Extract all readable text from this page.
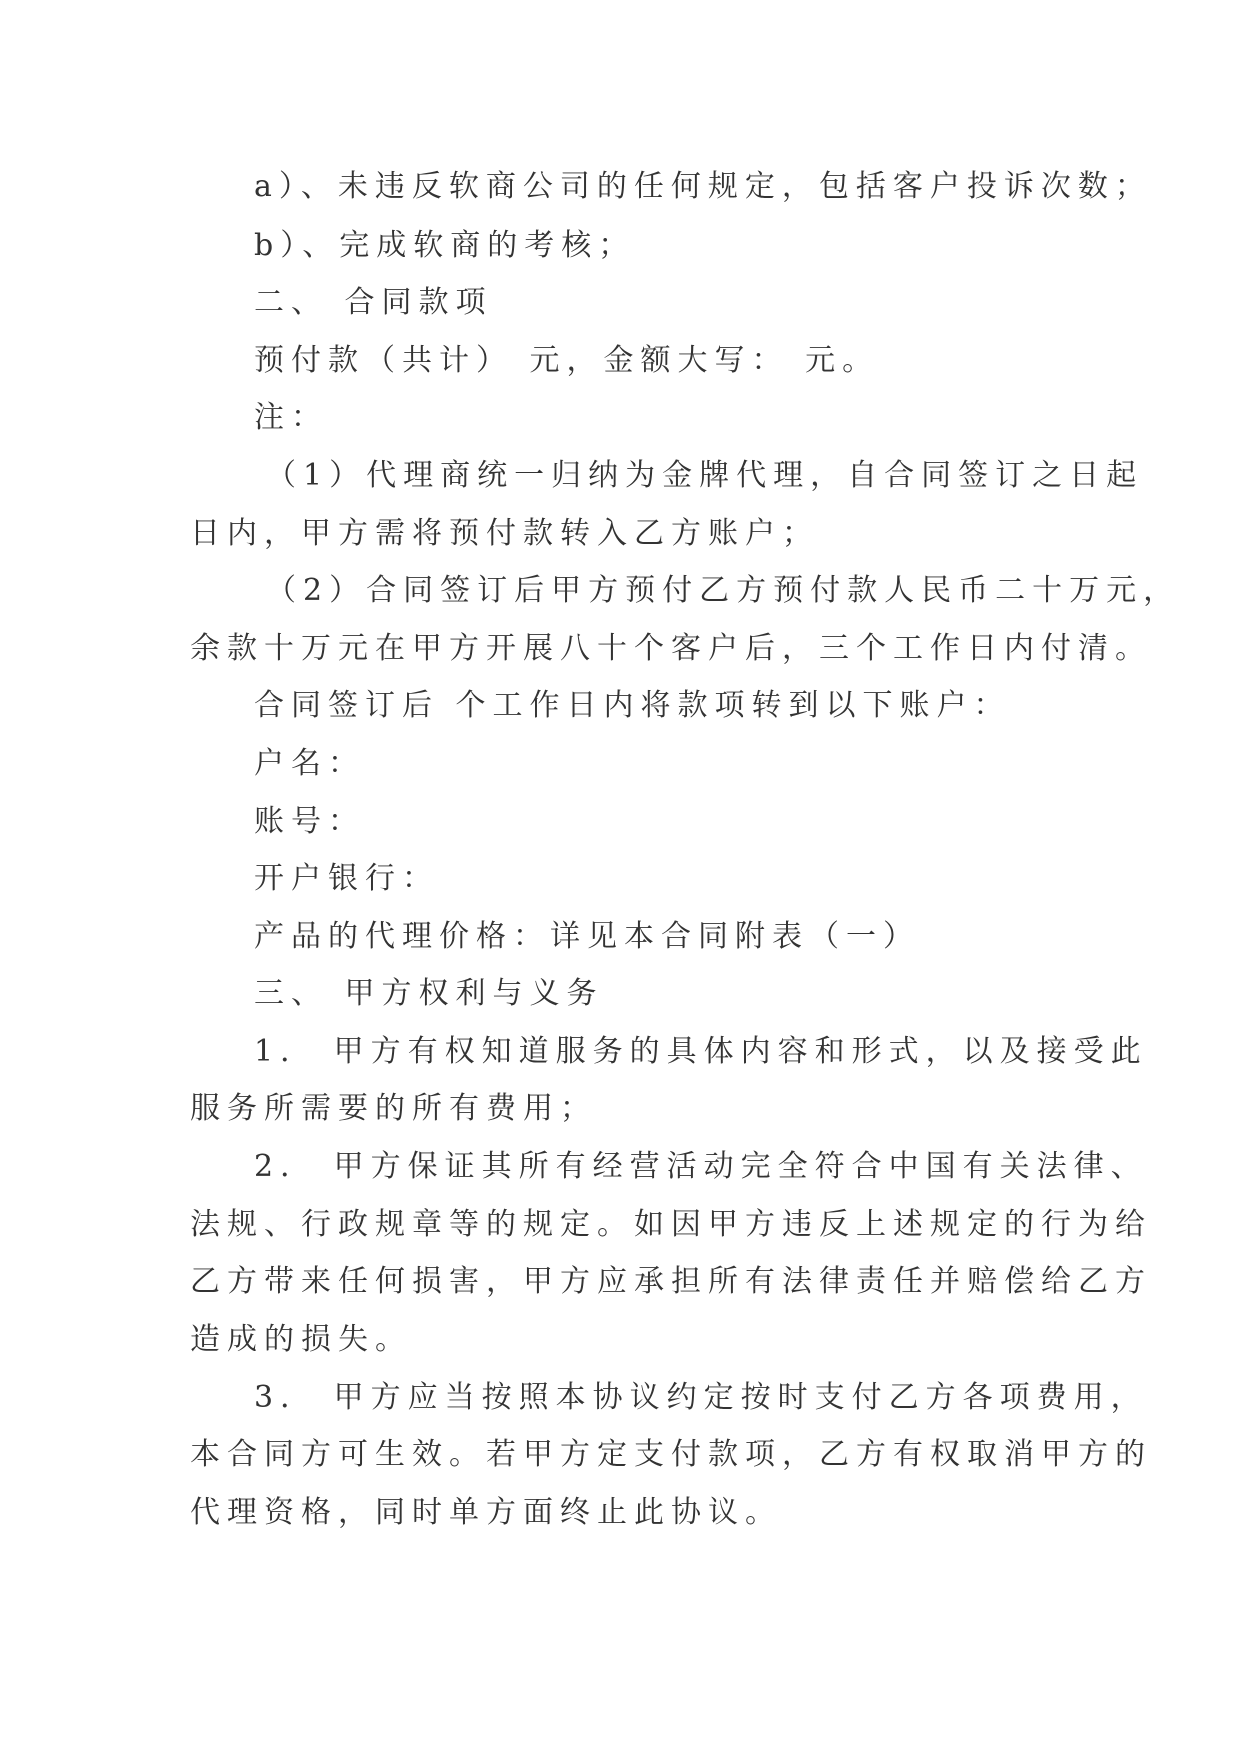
a）、未违反软商公司的任何规定，包括客户投诉次数；
b）、完成软商的考核；
二、 合同款项
预付款（共计） 元，金额大写： 元。
注：
（1）代理商统一归纳为金牌代理，自合同签订之日起
日内，甲方需将预付款转入乙方账户；
（2）合同签订后甲方预付乙方预付款人民币二十万元，
余款十万元在甲方开展八十个客户后，三个工作日内付清。
合同签订后 个工作日内将款项转到以下账户：
户名：
账号：
开户银行：
产品的代理价格：详见本合同附表（一）
三、 甲方权利与义务
1． 甲方有权知道服务的具体内容和形式，以及接受此
服务所需要的所有费用；
2． 甲方保证其所有经营活动完全符合中国有关法律、
法规、行政规章等的规定。如因甲方违反上述规定的行为给
乙方带来任何损害，甲方应承担所有法律责任并赔偿给乙方
造成的损失。
3． 甲方应当按照本协议约定按时支付乙方各项费用，
本合同方可生效。若甲方定支付款项，乙方有权取消甲方的
代理资格，同时单方面终止此协议。
